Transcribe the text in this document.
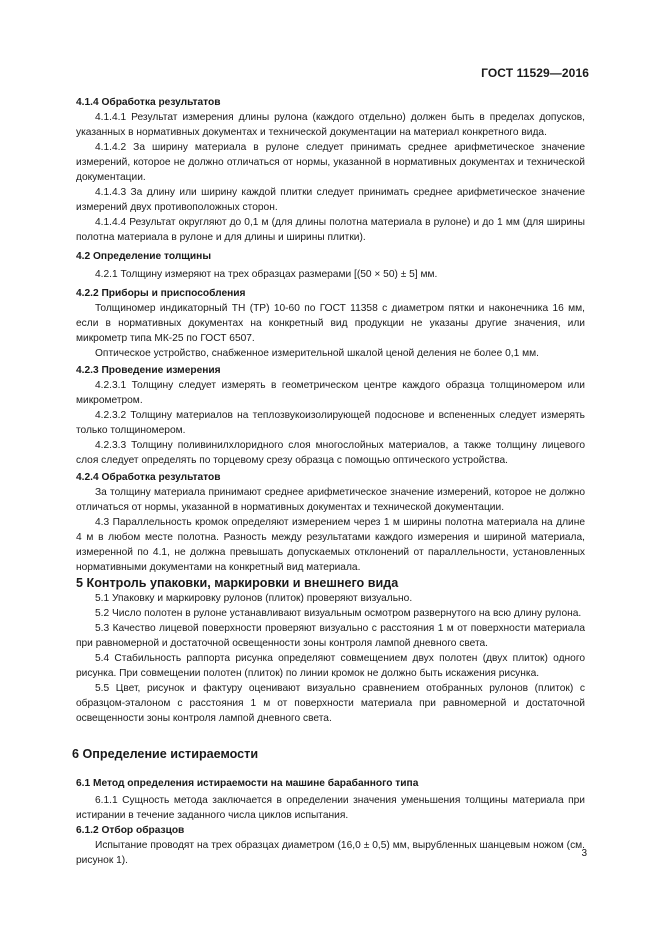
ГОСТ 11529—2016

4.1.4 Обработка результатов

4.1.4.1 Результат измерения длины рулона (каждого отдельно) должен быть в пределах допусков, указанных в нормативных документах и технической документации на материал конкретного вида.

4.1.4.2 За ширину материала в рулоне следует принимать среднее арифметическое значение измерений, которое не должно отличаться от нормы, указанной в нормативных документах и технической документации.

4.1.4.3 За длину или ширину каждой плитки следует принимать среднее арифметическое значение измерений двух противоположных сторон.

4.1.4.4 Результат округляют до 0,1 м (для длины полотна материала в рулоне) и до 1 мм (для ширины полотна материала в рулоне и для длины и ширины плитки).

4.2 Определение толщины

4.2.1 Толщину измеряют на трех образцах размерами [(50 × 50) ± 5] мм.

4.2.2 Приборы и приспособления

Толщиномер индикаторный ТН (ТР) 10-60 по ГОСТ 11358 с диаметром пятки и наконечника 16 мм, если в нормативных документах на конкретный вид продукции не указаны другие значения, или микрометр типа МК-25 по ГОСТ 6507.

Оптическое устройство, снабженное измерительной шкалой ценой деления не более 0,1 мм.

4.2.3 Проведение измерения

4.2.3.1 Толщину следует измерять в геометрическом центре каждого образца толщиномером или микрометром.

4.2.3.2 Толщину материалов на теплозвукоизолирующей подоснове и вспененных следует измерять только толщиномером.

4.2.3.3 Толщину поливинилхлоридного слоя многослойных материалов, а также толщину лицевого слоя следует определять по торцевому срезу образца с помощью оптического устройства.

4.2.4 Обработка результатов

За толщину материала принимают среднее арифметическое значение измерений, которое не должно отличаться от нормы, указанной в нормативных документах и технической документации.

4.3 Параллельность кромок определяют измерением через 1 м ширины полотна материала на длине 4 м в любом месте полотна. Разность между результатами каждого измерения и шириной материала, измеренной по 4.1, не должна превышать допускаемых отклонений от параллельности, установленных нормативными документами на конкретный вид материала.

5 Контроль упаковки, маркировки и внешнего вида

5.1 Упаковку и маркировку рулонов (плиток) проверяют визуально.

5.2 Число полотен в рулоне устанавливают визуальным осмотром развернутого на всю длину рулона.

5.3 Качество лицевой поверхности проверяют визуально с расстояния 1 м от поверхности материала при равномерной и достаточной освещенности зоны контроля лампой дневного света.

5.4 Стабильность раппорта рисунка определяют совмещением двух полотен (двух плиток) одного рисунка. При совмещении полотен (плиток) по линии кромок не должно быть искажения рисунка.

5.5 Цвет, рисунок и фактуру оценивают визуально сравнением отобранных рулонов (плиток) с образцом-эталоном с расстояния 1 м от поверхности материала при равномерной и достаточной освещенности зоны контроля лампой дневного света.

6 Определение истираемости

6.1 Метод определения истираемости на машине барабанного типа

6.1.1 Сущность метода заключается в определении значения уменьшения толщины материала при истирании в течение заданного числа циклов испытания.

6.1.2 Отбор образцов

Испытание проводят на трех образцах диаметром (16,0 ± 0,5) мм, вырубленных шанцевым ножом (см. рисунок 1).

3
